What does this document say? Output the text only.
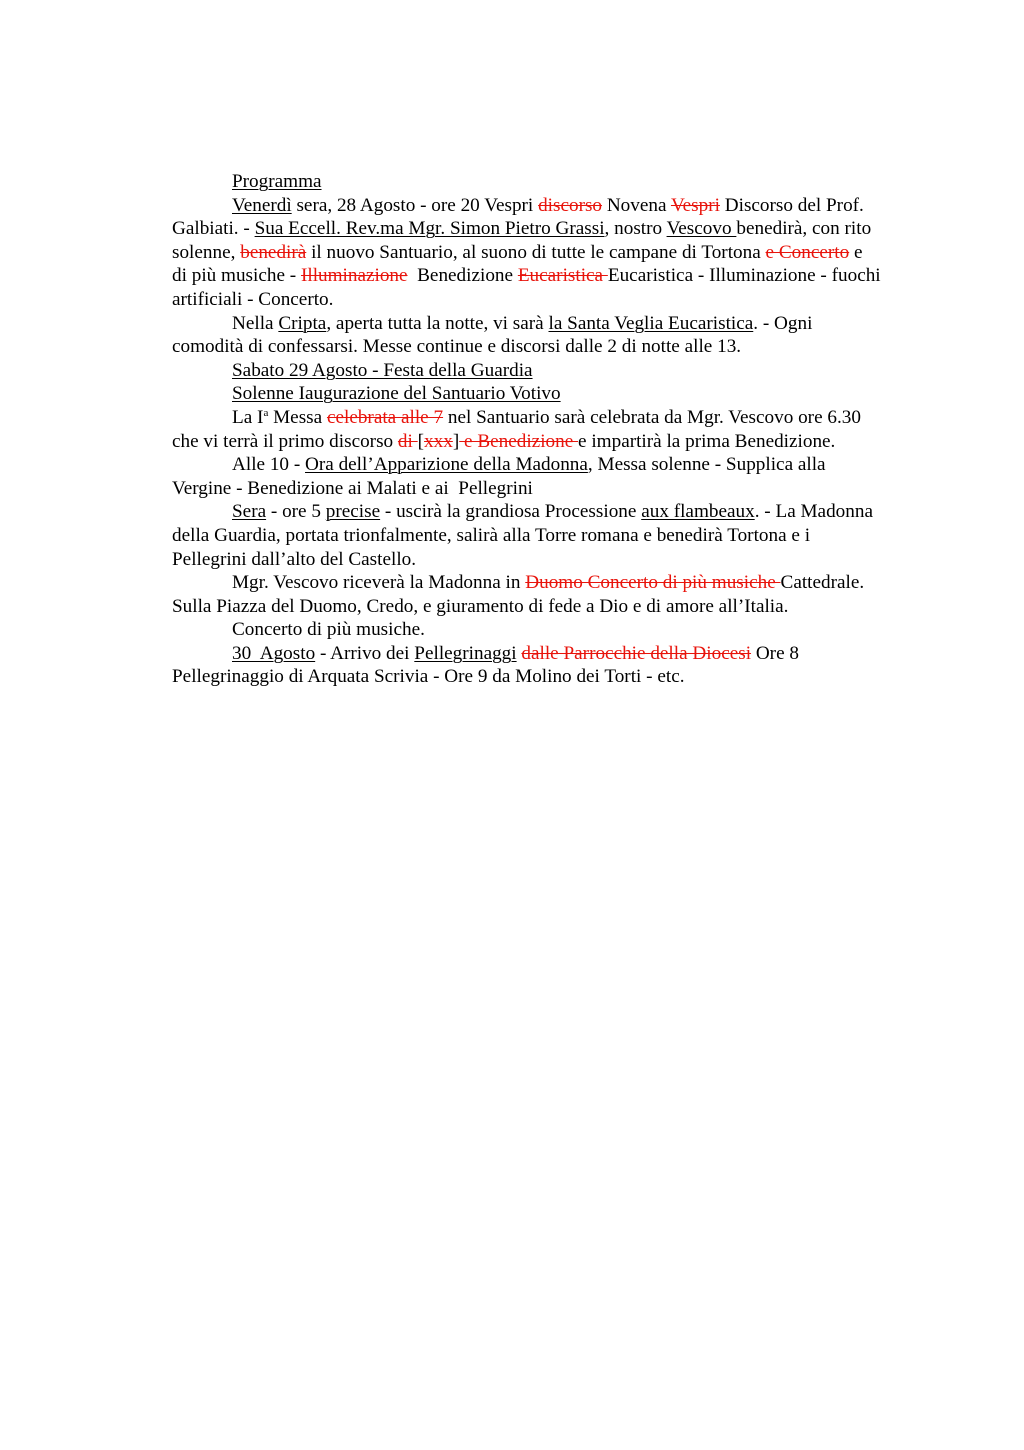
Programma

Venerdì sera, 28 Agosto - ore 20 Vespri discorso Novena Vespri Discorso del Prof. Galbiati. - Sua Eccell. Rev.ma Mgr. Simon Pietro Grassi, nostro Vescovo benedirà, con rito solenne, benedirà il nuovo Santuario, al suono di tutte le campane di Tortona e Concerto e di più musiche - Illuminazione  Benedizione Eucaristica Eucaristica - Illuminazione - fuochi artificiali - Concerto.

Nella Cripta, aperta tutta la notte, vi sarà la Santa Veglia Eucaristica. - Ogni comodità di confessarsi. Messe continue e discorsi dalle 2 di notte alle 13.

Sabato 29 Agosto - Festa della Guardia

Solenne Iaugurazione del Santuario Votivo

La $I^a$ Messa celebrata alle 7 nel Santuario sarà celebrata da Mgr. Vescovo ore 6.30 che vi terrà il primo discorso di [xxx] e Benedizione e impartirà la prima Benedizione.

Alle 10 - Ora dell’Apparizione della Madonna, Messa solenne - Supplica alla Vergine - Benedizione ai Malati e ai  Pellegrini

Sera - ore 5 precise - uscirà la grandiosa Processione aux flambeaux. - La Madonna della Guardia, portata trionfalmente, salirà alla Torre romana e benedirà Tortona e i Pellegrini dall’alto del Castello.

Mgr. Vescovo riceverà la Madonna in Duomo Concerto di più musiche Cattedrale. Sulla Piazza del Duomo, Credo, e giuramento di fede a Dio e di amore all’Italia.

Concerto di più musiche.

30  Agosto - Arrivo dei Pellegrinaggi dalle Parrocchie della Diocesi Ore 8 Pellegrinaggio di Arquata Scrivia - Ore 9 da Molino dei Torti - etc.
